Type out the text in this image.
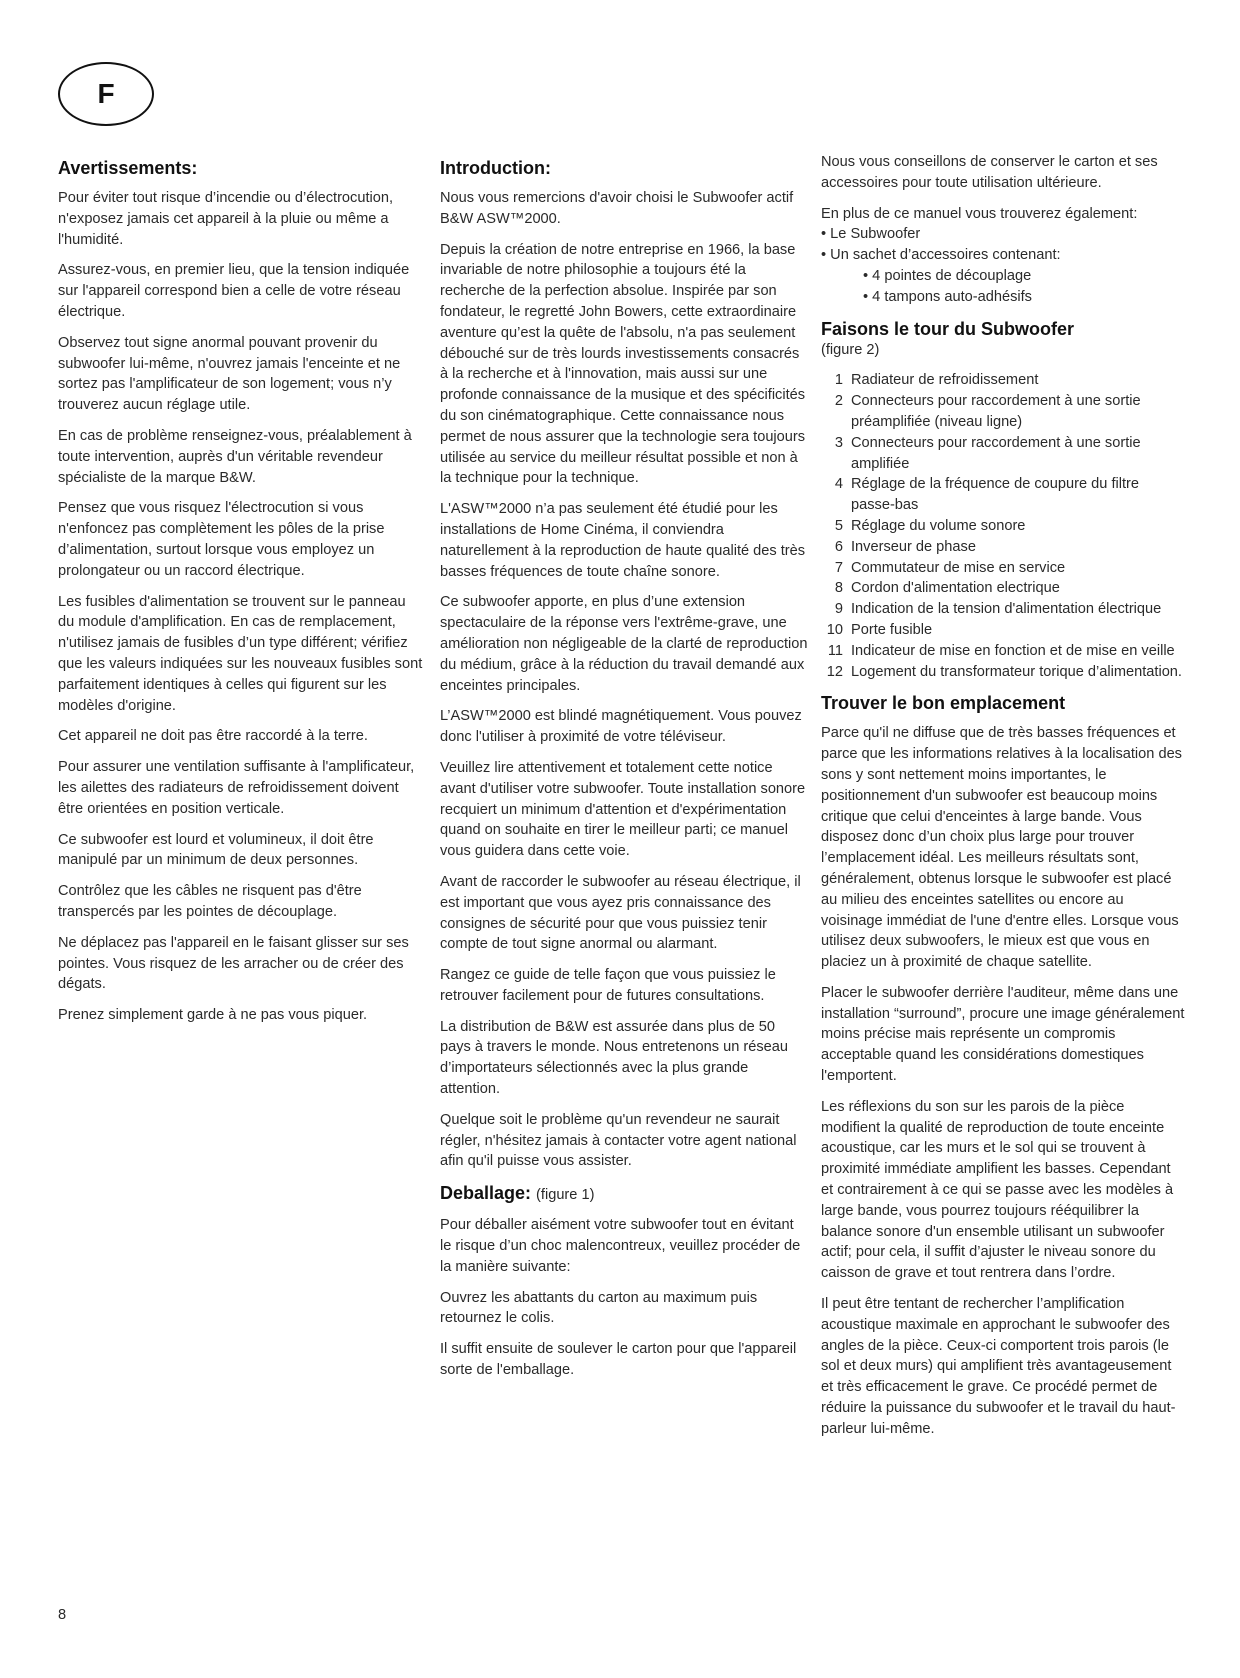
F
Avertissements:

Pour éviter tout risque d’incendie ou d’électrocution, n'exposez jamais cet appareil à la pluie ou même a l'humidité.

Assurez-vous, en premier lieu, que la tension indiquée sur l'appareil correspond bien a celle de votre réseau électrique.

Observez tout signe anormal pouvant provenir du subwoofer lui-même, n'ouvrez jamais l'enceinte et ne sortez pas l'amplificateur de son logement; vous n’y trouverez aucun réglage utile.

En cas de problème renseignez-vous, préalablement à toute intervention, auprès d'un véritable revendeur spécialiste de la marque B&W.

Pensez que vous risquez l'électrocution si vous n'enfoncez pas complètement les pôles de la prise d’alimentation, surtout lorsque vous employez un prolongateur ou un raccord électrique.

Les fusibles d'alimentation se trouvent sur le panneau du module d'amplification. En cas de remplacement, n'utilisez jamais de fusibles d’un type différent; vérifiez que les valeurs indiquées sur les nouveaux fusibles sont parfaitement identiques à celles qui figurent sur les modèles d'origine.

Cet appareil ne doit pas être raccordé à la terre.

Pour assurer une ventilation suffisante à l'amplificateur, les ailettes des radiateurs de refroidissement doivent être orientées en position verticale.

Ce subwoofer est lourd et volumineux, il doit être manipulé par un minimum de deux personnes.

Contrôlez que les câbles ne risquent pas d'être transpercés par les pointes de découplage.

Ne déplacez pas l'appareil en le faisant glisser sur ses pointes. Vous risquez de les arracher ou de créer des dégats.

Prenez simplement garde à ne pas vous piquer.

Introduction:

Nous vous remercions d'avoir choisi le Subwoofer actif B&W ASW™2000.

Depuis la création de notre entreprise en 1966, la base invariable de notre philosophie a toujours été la recherche de la perfection absolue. Inspirée par son fondateur, le regretté John Bowers, cette extraordinaire aventure qu’est la quête de l'absolu, n'a pas seulement débouché sur de très lourds investissements consacrés à la recherche et à l'innovation, mais aussi sur une profonde connaissance de la musique et des spécificités du son cinématographique. Cette connaissance nous permet de nous assurer que la technologie sera toujours utilisée au service du meilleur résultat possible et non à la technique pour la technique.

L'ASW™2000 n’a pas seulement été étudié pour les installations de Home Cinéma, il conviendra naturellement à la reproduction de haute qualité des très basses fréquences de toute chaîne sonore.

Ce subwoofer apporte, en plus d’une extension spectaculaire de la réponse vers l'extrême-grave, une amélioration non négligeable de la clarté de reproduction du médium, grâce à la réduction du travail demandé aux enceintes principales.

L’ASW™2000 est blindé magnétiquement. Vous pouvez donc l'utiliser à proximité de votre téléviseur.

Veuillez lire attentivement et totalement cette notice avant d'utiliser votre subwoofer. Toute installation sonore recquiert un minimum d'attention et d'expérimentation quand on souhaite en tirer le meilleur parti; ce manuel vous guidera dans cette voie.

Avant de raccorder le subwoofer au réseau électrique, il est important que vous ayez pris connaissance des consignes de sécurité pour que vous puissiez tenir compte de tout signe anormal ou alarmant.

Rangez ce guide de telle façon que vous puissiez le retrouver facilement pour de futures consultations.

La distribution de B&W est assurée dans plus de 50 pays à travers le monde. Nous entretenons un réseau d’importateurs sélectionnés avec la plus grande attention.

Quelque soit le problème qu'un revendeur ne saurait régler, n'hésitez jamais à contacter votre agent national afin qu'il puisse vous assister.

Deballage: (figure 1)

Pour déballer aisément votre subwoofer tout en évitant le risque d’un choc malencontreux, veuillez procéder de la manière suivante:

Ouvrez les abattants du carton au maximum puis retournez le colis.

Il suffit ensuite de soulever le carton pour que l'appareil sorte de l'emballage.

Nous vous conseillons de conserver le carton et ses accessoires pour toute utilisation ultérieure.

En plus de ce manuel vous trouverez également:
• Le Subwoofer
• Un sachet d’accessoires contenant:
• 4 pointes de découplage
• 4 tampons auto-adhésifs
Faisons le tour du Subwoofer
(figure 2)
1 Radiateur de refroidissement
2 Connecteurs pour raccordement à une sortie préamplifiée (niveau ligne)
3 Connecteurs pour raccordement à une sortie amplifiée
4 Réglage de la fréquence de coupure du filtre passe-bas
5 Réglage du volume sonore
6 Inverseur de phase
7 Commutateur de mise en service
8 Cordon d'alimentation electrique
9 Indication de la tension d'alimentation électrique
10 Porte fusible
11 Indicateur de mise en fonction et de mise en veille
12 Logement du transformateur torique d’alimentation.
Trouver le bon emplacement

Parce qu'il ne diffuse que de très basses fréquences et parce que les informations relatives à la localisation des sons y sont nettement moins importantes, le positionnement d'un subwoofer est beaucoup moins critique que celui d'enceintes à large bande. Vous disposez donc d’un choix plus large pour trouver l’emplacement idéal. Les meilleurs résultats sont, généralement, obtenus lorsque le subwoofer est placé au milieu des enceintes satellites ou encore au voisinage immédiat de l'une d'entre elles. Lorsque vous utilisez deux subwoofers, le mieux est que vous en placiez un à proximité de chaque satellite.

Placer le subwoofer derrière l'auditeur, même dans une installation “surround”, procure une image généralement moins précise mais représente un compromis acceptable quand les considérations domestiques l'emportent.

Les réflexions du son sur les parois de la pièce modifient la qualité de reproduction de toute enceinte acoustique, car les murs et le sol qui se trouvent à proximité immédiate amplifient les basses. Cependant et contrairement à ce qui se passe avec les modèles à large bande, vous pourrez toujours rééquilibrer la balance sonore d'un ensemble utilisant un subwoofer actif; pour cela, il suffit d’ajuster le niveau sonore du caisson de grave et tout rentrera dans l’ordre.

Il peut être tentant de rechercher l’amplification acoustique maximale en approchant le subwoofer des angles de la pièce. Ceux-ci comportent trois parois (le sol et deux murs) qui amplifient très avantageusement et très efficacement le grave. Ce procédé permet de réduire la puissance du subwoofer et le travail du haut-parleur lui-même.

8
